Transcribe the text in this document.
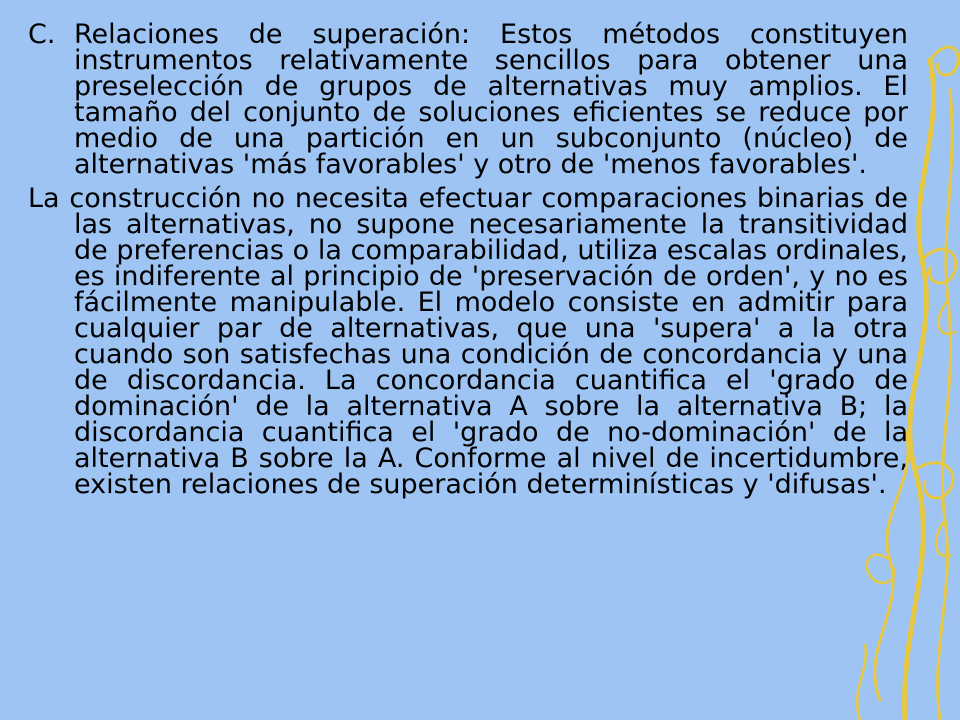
C. Relaciones de superación: Estos métodos constituyen instrumentos relativamente sencillos para obtener una preselección de grupos de alternativas muy amplios. El tamaño del conjunto de soluciones eficientes se reduce por medio de una partición en un subconjunto (núcleo) de alternativas 'más favorables' y otro de 'menos favorables'.

La construcción no necesita efectuar comparaciones binarias de las alternativas, no supone necesariamente la transitividad de preferencias o la comparabilidad, utiliza escalas ordinales, es indiferente al principio de 'preservación de orden', y no es fácilmente manipulable. El modelo consiste en admitir para cualquier par de alternativas, que una 'supera' a la otra cuando son satisfechas una condición de concordancia y una de discordancia. La concordancia cuantifica el 'grado de dominación' de la alternativa A sobre la alternativa B; la discordancia cuantifica el 'grado de no-dominación' de la alternativa B sobre la A. Conforme al nivel de incertidumbre, existen relaciones de superación determinísticas y 'difusas'.
